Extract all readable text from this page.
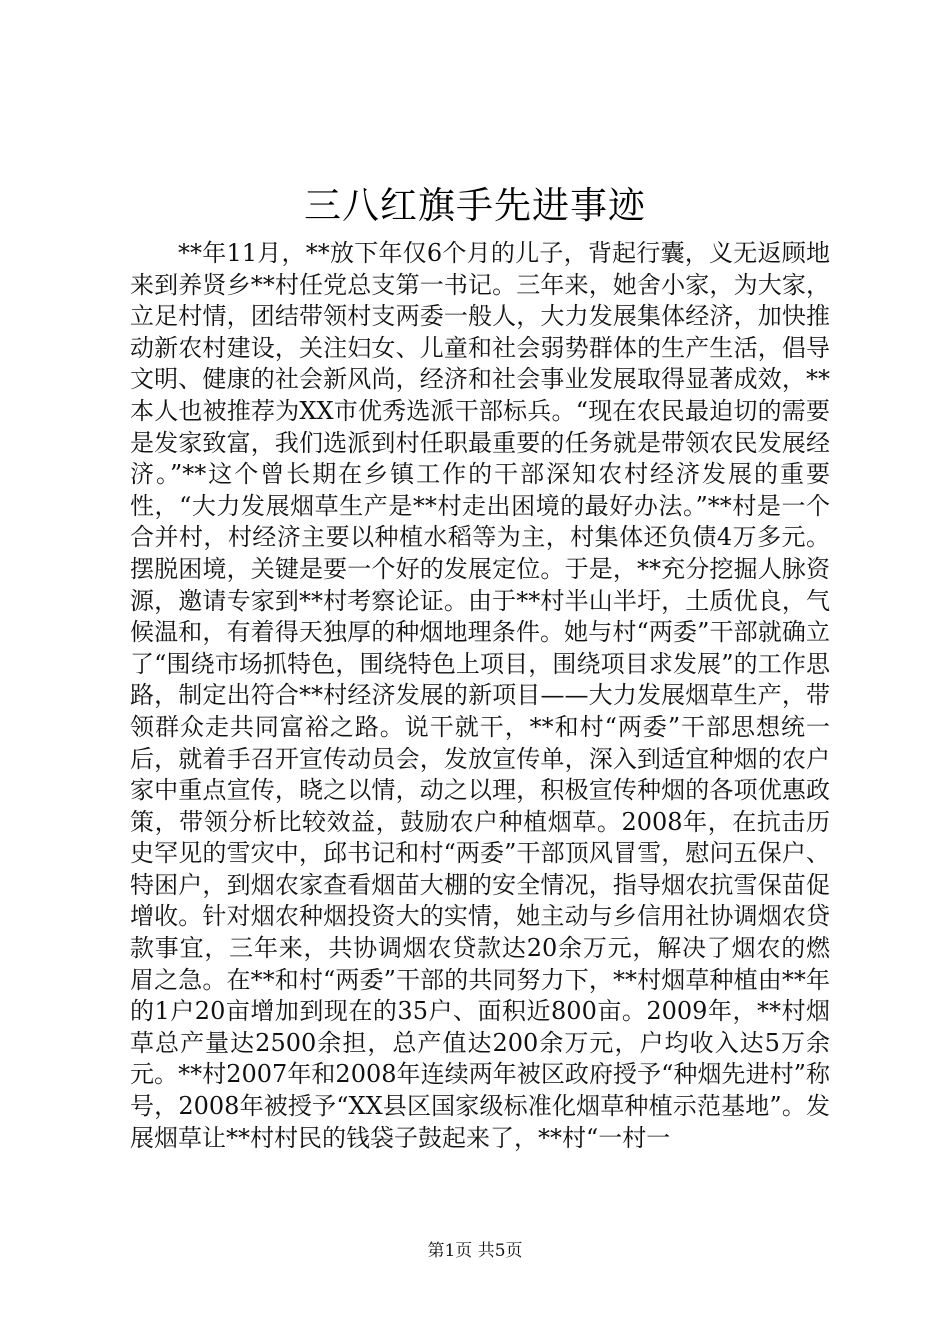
三八红旗手先进事迹

**年11月，**放下年仅6个月的儿子，背起行囊，义无返顾地来到养贤乡**村任党总支第一书记。三年来，她舍小家，为大家，立足村情，团结带领村支两委一般人，大力发展集体经济，加快推动新农村建设，关注妇女、儿童和社会弱势群体的生产生活，倡导文明、健康的社会新风尚，经济和社会事业发展取得显著成效，**本人也被推荐为XX市优秀选派干部标兵。“现在农民最迫切的需要是发家致富，我们选派到村任职最重要的任务就是带领农民发展经济。”**这个曾长期在乡镇工作的干部深知农村经济发展的重要性，“大力发展烟草生产是**村走出困境的最好办法。”**村是一个合并村，村经济主要以种植水稻等为主，村集体还负债4万多元。摆脱困境，关键是要一个好的发展定位。于是，**充分挖掘人脉资源，邀请专家到**村考察论证。由于**村半山半圩，土质优良，气候温和，有着得天独厚的种烟地理条件。她与村“两委”干部就确立了“围绕市场抓特色，围绕特色上项目，围绕项目求发展”的工作思路，制定出符合**村经济发展的新项目——大力发展烟草生产，带领群众走共同富裕之路。说干就干，**和村“两委”干部思想统一后，就着手召开宣传动员会，发放宣传单，深入到适宜种烟的农户家中重点宣传，晓之以情，动之以理，积极宣传种烟的各项优惠政策，带领分析比较效益，鼓励农户种植烟草。2008年，在抗击历史罕见的雪灾中，邱书记和村“两委”干部顶风冒雪，慰问五保户、特困户，到烟农家查看烟苗大棚的安全情况，指导烟农抗雪保苗促增收。针对烟农种烟投资大的实情，她主动与乡信用社协调烟农贷款事宜，三年来，共协调烟农贷款达20余万元，解决了烟农的燃眉之急。在**和村“两委”干部的共同努力下，**村烟草种植由**年的1户20亩增加到现在的35户、面积近800亩。2009年，**村烟草总产量达2500余担，总产值达200余万元，户均收入达5万余元。**村2007年和2008年连续两年被区政府授予“种烟先进村”称号，2008年被授予“XX县区国家级标准化烟草种植示范基地”。发展烟草让**村村民的钱袋子鼓起来了，**村“一村一

第1页 共5页
